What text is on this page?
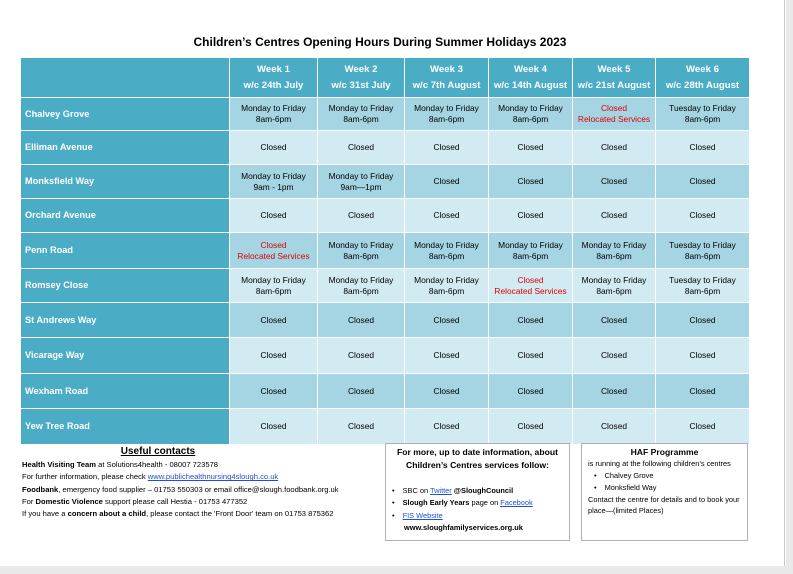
Children’s Centres Opening Hours During Summer Holidays 2023
	Week 1
w/c 24th July	Week 2
w/c 31st July	Week 3
w/c 7th August	Week 4
w/c 14th August	Week 5
w/c 21st August	Week 6
w/c 28th August
Chalvey Grove	Monday to Friday
8am-6pm	Monday to Friday
8am-6pm	Monday to Friday
8am-6pm	Monday to Friday
8am-6pm	Closed
Relocated Services	Tuesday to Friday
8am-6pm
Elliman Avenue	Closed	Closed	Closed	Closed	Closed	Closed
Monksfield Way	Monday to Friday
9am - 1pm	Monday to Friday
9am—1pm	Closed	Closed	Closed	Closed
Orchard Avenue	Closed	Closed	Closed	Closed	Closed	Closed
Penn Road	Closed
Relocated Services	Monday to Friday
8am-6pm	Monday to Friday
8am-6pm	Monday to Friday
8am-6pm	Monday to Friday
8am-6pm	Tuesday to Friday
8am-6pm
Romsey Close	Monday to Friday
8am-6pm	Monday to Friday
8am-6pm	Monday to Friday
8am-6pm	Closed
Relocated Services	Monday to Friday
8am-6pm	Tuesday to Friday
8am-6pm
St Andrews Way	Closed	Closed	Closed	Closed	Closed	Closed
Vicarage Way	Closed	Closed	Closed	Closed	Closed	Closed
Wexham Road	Closed	Closed	Closed	Closed	Closed	Closed
Yew Tree Road	Closed	Closed	Closed	Closed	Closed	Closed
Useful contacts
Health Visiting Team at Solutions4health - 08007 723578
For further information, please check www.publichealthnursing4slough.co.uk
Foodbank, emergency food supplier – 01753 550303 or email office@slough.foodbank.org.uk
For Domestic Violence support please call Hestia - 01753 477352
If you have a concern about a child, please contact the 'Front Door' team on 01753 875362
For more, up to date information, about
Children’s Centres services follow:
• SBC on Twitter @SloughCouncil
• Slough Early Years page on Facebook
• FIS Website www.sloughfamilyservices.org.uk
HAF Programme

is running at the following children’s centres

• Chalvey Grove
• Monksfield Way

Contact the centre for details and to book your place—(limited Places)
